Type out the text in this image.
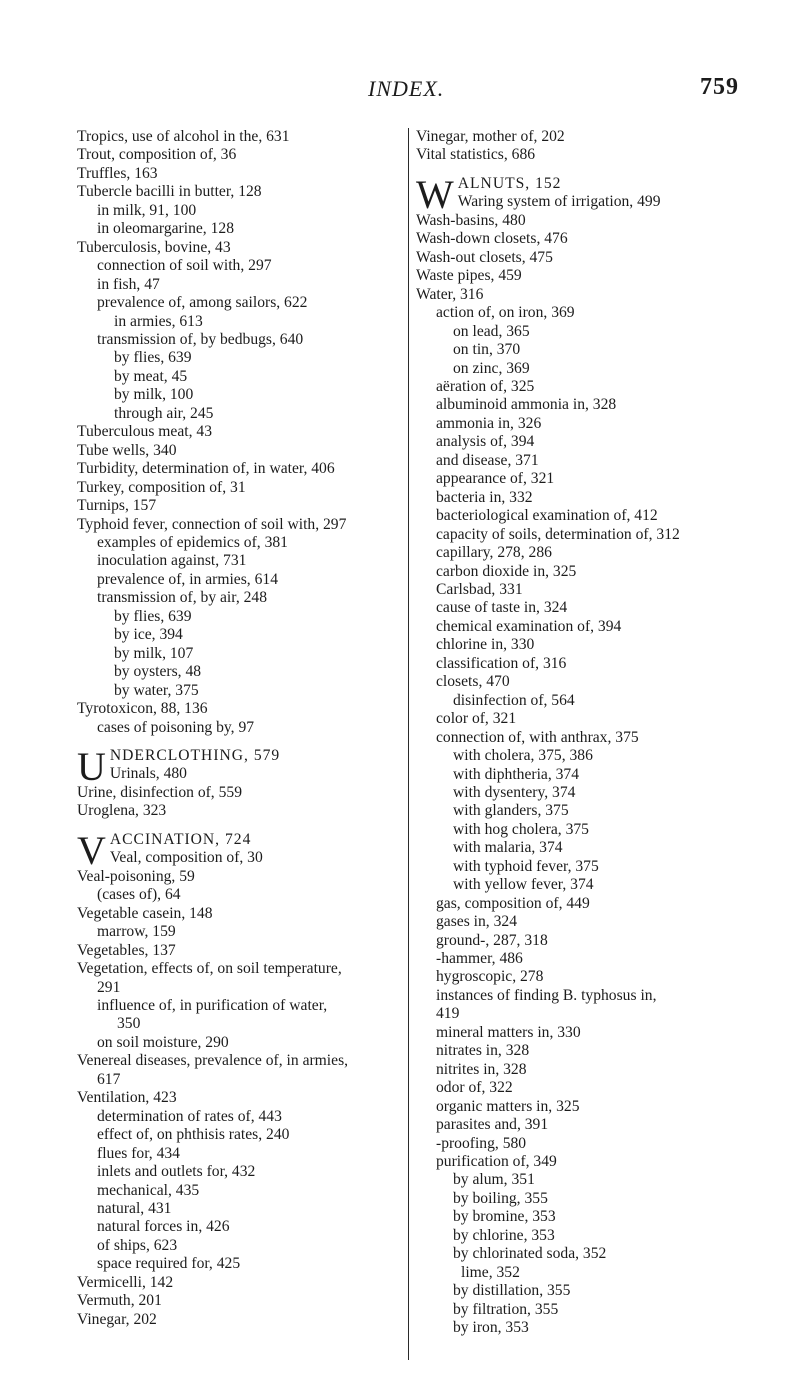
INDEX.	759
Tropics, use of alcohol in the, 631
Trout, composition of, 36
Truffles, 163
Tubercle bacilli in butter, 128
in milk, 91, 100
in oleomargarine, 128
Tuberculosis, bovine, 43
connection of soil with, 297
in fish, 47
prevalence of, among sailors, 622
in armies, 613
transmission of, by bedbugs, 640
by flies, 639
by meat, 45
by milk, 100
through air, 245
Tuberculous meat, 43
Tube wells, 340
Turbidity, determination of, in water, 406
Turkey, composition of, 31
Turnips, 157
Typhoid fever, connection of soil with, 297
examples of epidemics of, 381
inoculation against, 731
prevalence of, in armies, 614
transmission of, by air, 248
by flies, 639
by ice, 394
by milk, 107
by oysters, 48
by water, 375
Tyrotoxicon, 88, 136
cases of poisoning by, 97
U NDERCLOTHING, 579
Urinals, 480
Urine, disinfection of, 559
Uroglena, 323
V ACCINATION, 724
Veal, composition of, 30
Veal-poisoning, 59
(cases of), 64
Vegetable casein, 148
marrow, 159
Vegetables, 137
Vegetation, effects of, on soil temperature,
291
influence of, in purification of water,
350
on soil moisture, 290
Venereal diseases, prevalence of, in armies,
617
Ventilation, 423
determination of rates of, 443
effect of, on phthisis rates, 240
flues for, 434
inlets and outlets for, 432
mechanical, 435
natural, 431
natural forces in, 426
of ships, 623
space required for, 425
Vermicelli, 142
Vermuth, 201
Vinegar, 202
Vinegar, mother of, 202
Vital statistics, 686
W ALNUTS, 152
Waring system of irrigation, 499
Wash-basins, 480
Wash-down closets, 476
Wash-out closets, 475
Waste pipes, 459
Water, 316
action of, on iron, 369
on lead, 365
on tin, 370
on zinc, 369
aëration of, 325
albuminoid ammonia in, 328
ammonia in, 326
analysis of, 394
and disease, 371
appearance of, 321
bacteria in, 332
bacteriological examination of, 412
capacity of soils, determination of, 312
capillary, 278, 286
carbon dioxide in, 325
Carlsbad, 331
cause of taste in, 324
chemical examination of, 394
chlorine in, 330
classification of, 316
closets, 470
disinfection of, 564
color of, 321
connection of, with anthrax, 375
with cholera, 375, 386
with diphtheria, 374
with dysentery, 374
with glanders, 375
with hog cholera, 375
with malaria, 374
with typhoid fever, 375
with yellow fever, 374
gas, composition of, 449
gases in, 324
ground-, 287, 318
-hammer, 486
hygroscopic, 278
instances of finding B. typhosus in,
419
mineral matters in, 330
nitrates in, 328
nitrites in, 328
odor of, 322
organic matters in, 325
parasites and, 391
-proofing, 580
purification of, 349
by alum, 351
by boiling, 355
by bromine, 353
by chlorine, 353
by chlorinated soda, 352
lime, 352
by distillation, 355
by filtration, 355
by iron, 353
